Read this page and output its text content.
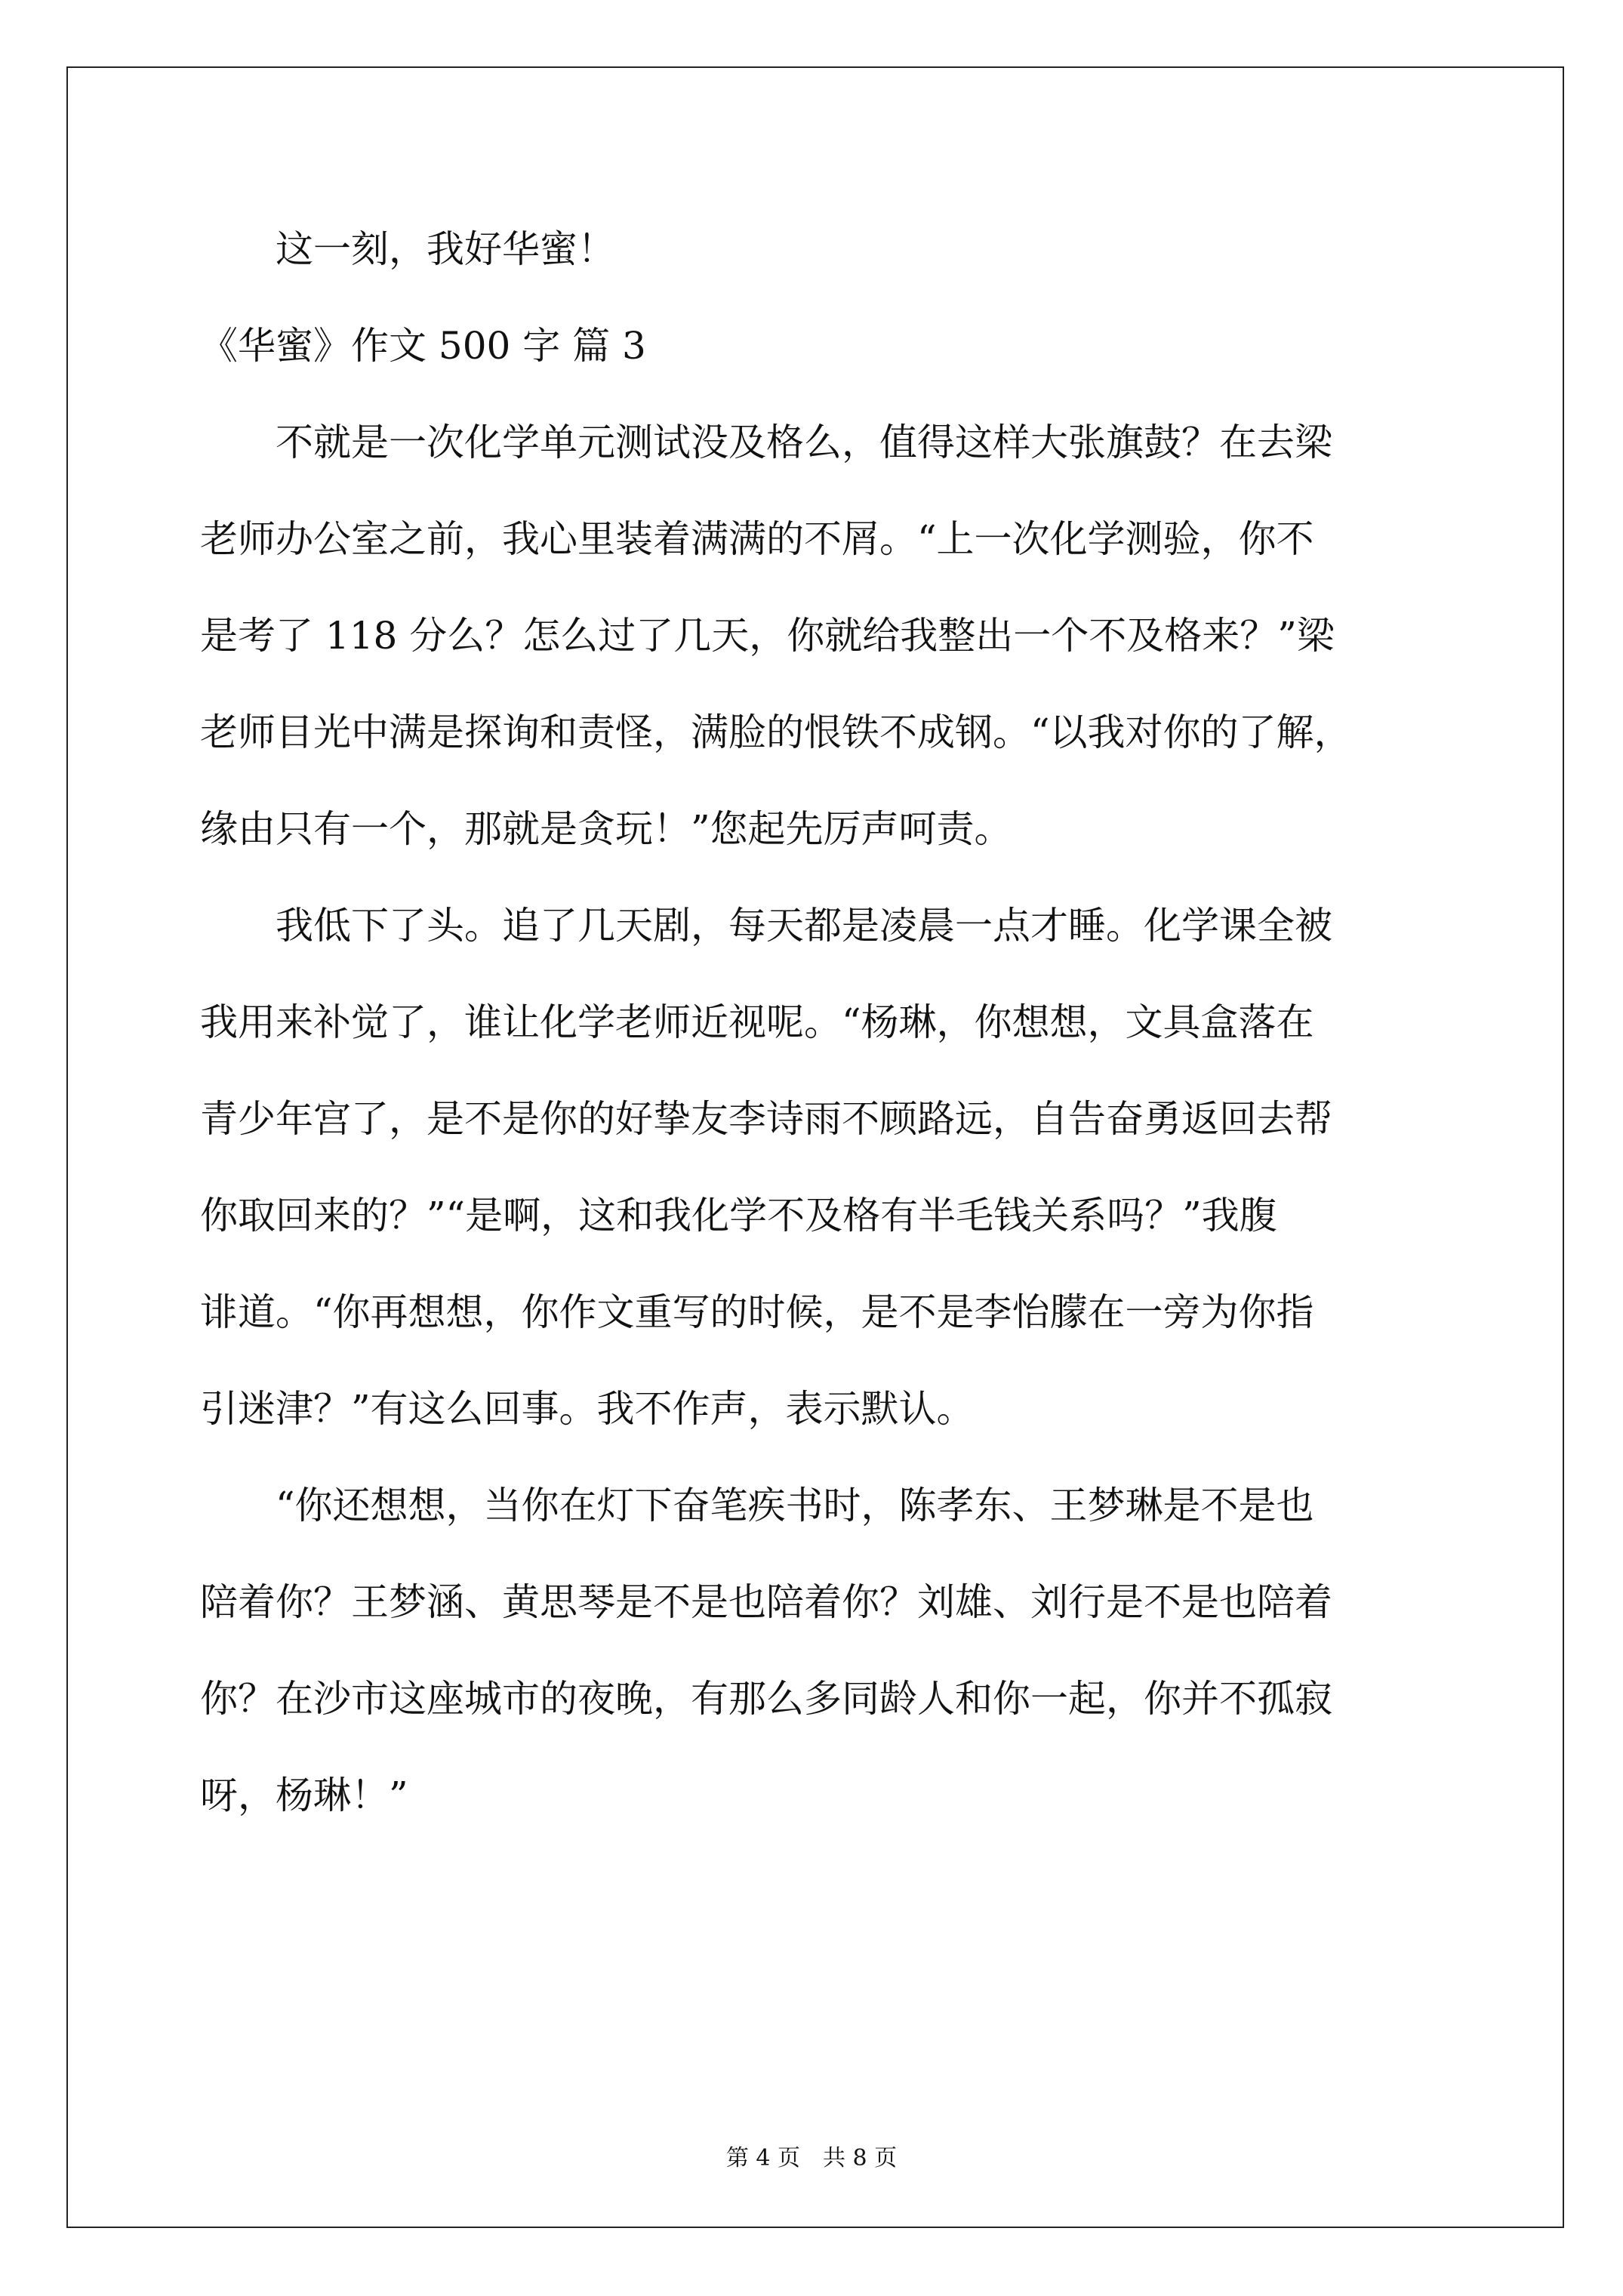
这一刻，我好华蜜！
《华蜜》作文 500 字 篇 3
不就是一次化学单元测试没及格么，值得这样大张旗鼓？在去梁
老师办公室之前，我心里装着满满的不屑。“上一次化学测验，你不
是考了 118 分么？怎么过了几天，你就给我整出一个不及格来？”梁
老师目光中满是探询和责怪，满脸的恨铁不成钢。“以我对你的了解，
缘由只有一个，那就是贪玩！”您起先厉声呵责。
我低下了头。追了几天剧，每天都是凌晨一点才睡。化学课全被
我用来补觉了，谁让化学老师近视呢。“杨琳，你想想，文具盒落在
青少年宫了，是不是你的好挚友李诗雨不顾路远，自告奋勇返回去帮
你取回来的？”“是啊，这和我化学不及格有半毛钱关系吗？”我腹
诽道。“你再想想，你作文重写的时候，是不是李怡朦在一旁为你指
引迷津？”有这么回事。我不作声，表示默认。
“你还想想，当你在灯下奋笔疾书时，陈孝东、王梦琳是不是也
陪着你？王梦涵、黄思琴是不是也陪着你？刘雄、刘行是不是也陪着
你？在沙市这座城市的夜晚，有那么多同龄人和你一起，你并不孤寂
呀，杨琳！”
第 4 页 共 8 页
